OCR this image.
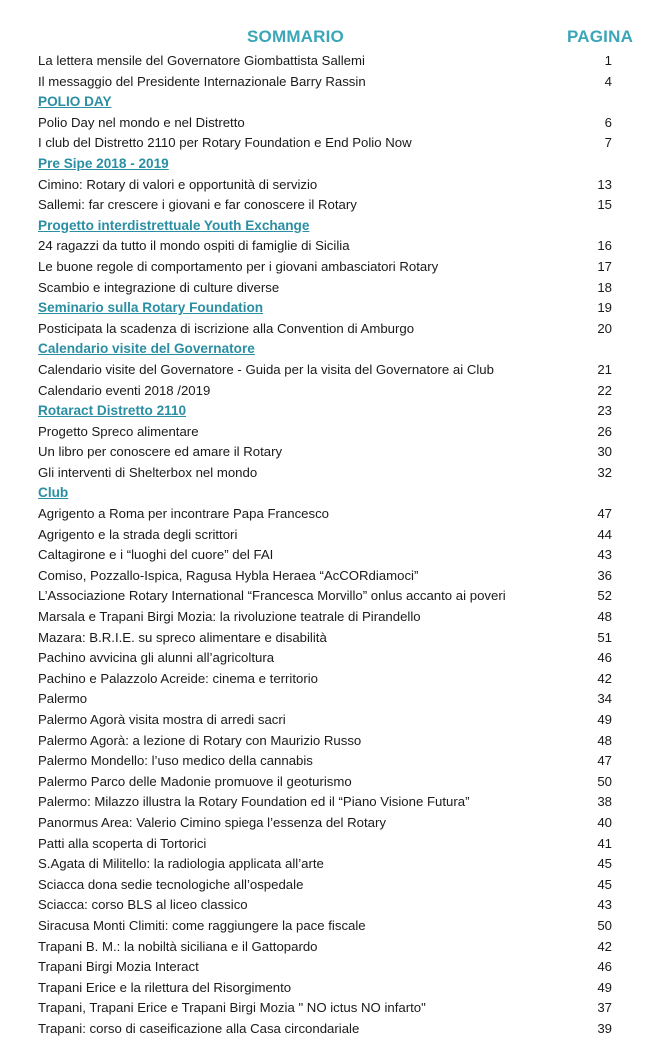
SOMMARIO	PAGINA
La lettera mensile del Governatore Giombattista Sallemi	1
Il messaggio del Presidente Internazionale Barry Rassin	4
POLIO DAY
Polio Day nel mondo e nel Distretto	6
I club del Distretto 2110 per Rotary Foundation e End Polio Now	7
Pre Sipe 2018 - 2019
Cimino: Rotary di valori e opportunità di servizio	13
Sallemi: far crescere i giovani e far conoscere il Rotary	15
Progetto interdistrettuale Youth Exchange
24 ragazzi da tutto il mondo ospiti di famiglie di Sicilia	16
Le buone regole di comportamento per i giovani ambasciatori Rotary	17
Scambio e integrazione di culture diverse	18
Seminario sulla Rotary Foundation	19
Posticipata la scadenza di iscrizione alla Convention di Amburgo	20
Calendario visite del Governatore
Calendario visite del Governatore - Guida per la visita del Governatore ai Club	21
Calendario eventi 2018 /2019	22
Rotaract Distretto 2110	23
Progetto Spreco alimentare	26
Un libro per conoscere ed amare il Rotary	30
Gli interventi di Shelterbox nel mondo	32
Club
Agrigento a Roma per incontrare Papa Francesco	47
Agrigento e la strada degli scrittori	44
Caltagirone e i “luoghi del cuore” del FAI	43
Comiso, Pozzallo-Ispica, Ragusa Hybla Heraea “AcCORdiamoci”	36
L’Associazione Rotary International “Francesca Morvillo” onlus accanto ai poveri	52
Marsala e Trapani Birgi Mozia: la rivoluzione teatrale di Pirandello	48
Mazara: B.R.I.E. su spreco alimentare e disabilità	51
Pachino avvicina gli alunni all’agricoltura	46
Pachino e Palazzolo Acreide: cinema e territorio	42
Palermo	34
Palermo Agorà visita mostra di arredi sacri	49
Palermo Agorà: a lezione di Rotary con Maurizio Russo	48
Palermo Mondello: l’uso medico della cannabis	47
Palermo Parco delle Madonie promuove il geoturismo	50
Palermo: Milazzo illustra la Rotary Foundation ed il “Piano Visione Futura”	38
Panormus Area: Valerio Cimino spiega l’essenza del Rotary	40
Patti alla scoperta di Tortorici	41
S.Agata di Militello: la radiologia applicata all’arte	45
Sciacca dona sedie tecnologiche all’ospedale	45
Sciacca: corso BLS al liceo classico	43
Siracusa Monti Climiti: come raggiungere la pace fiscale	50
Trapani B. M.: la nobiltà siciliana e il Gattopardo	42
Trapani Birgi Mozia Interact	46
Trapani Erice e la rilettura del Risorgimento	49
Trapani, Trapani Erice e Trapani Birgi Mozia " NO ictus NO infarto"	37
Trapani: corso di caseificazione alla Casa circondariale	39
